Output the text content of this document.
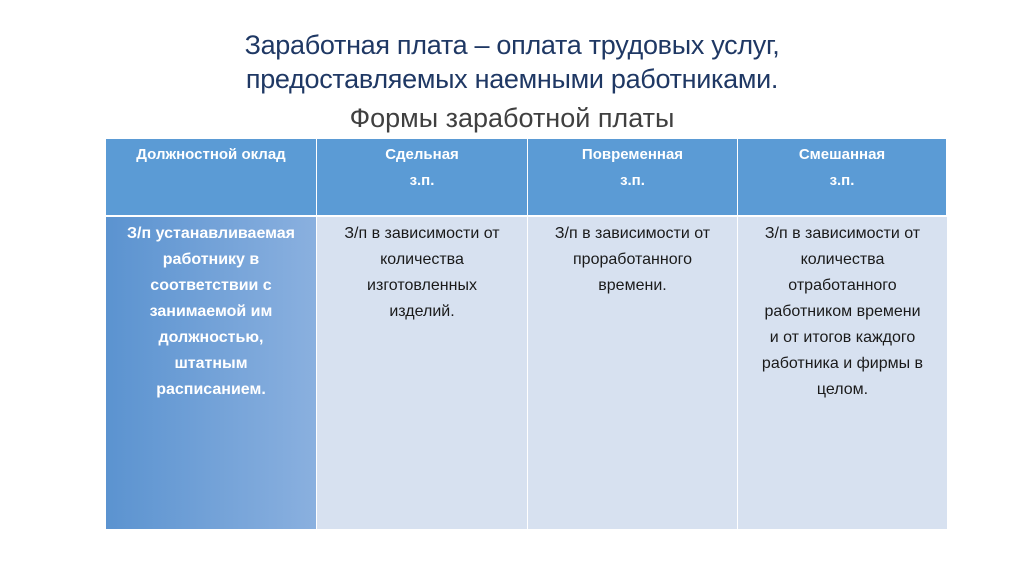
Заработная плата – оплата трудовых услуг,
предоставляемых наемными работниками.
Формы заработной платы
Должностной оклад	Сдельная
з.п.
Повременная
з.п.
Смешанная
з.п.
З/п устанавливаемая
работнику в
соответствии с
занимаемой им
должностью,
штатным
расписанием.
З/п в зависимости от
количества
изготовленных
изделий.
З/п в зависимости от
проработанного
времени.
З/п в зависимости от
количества
отработанного
работником времени
и от итогов каждого
работника и фирмы в
целом.
